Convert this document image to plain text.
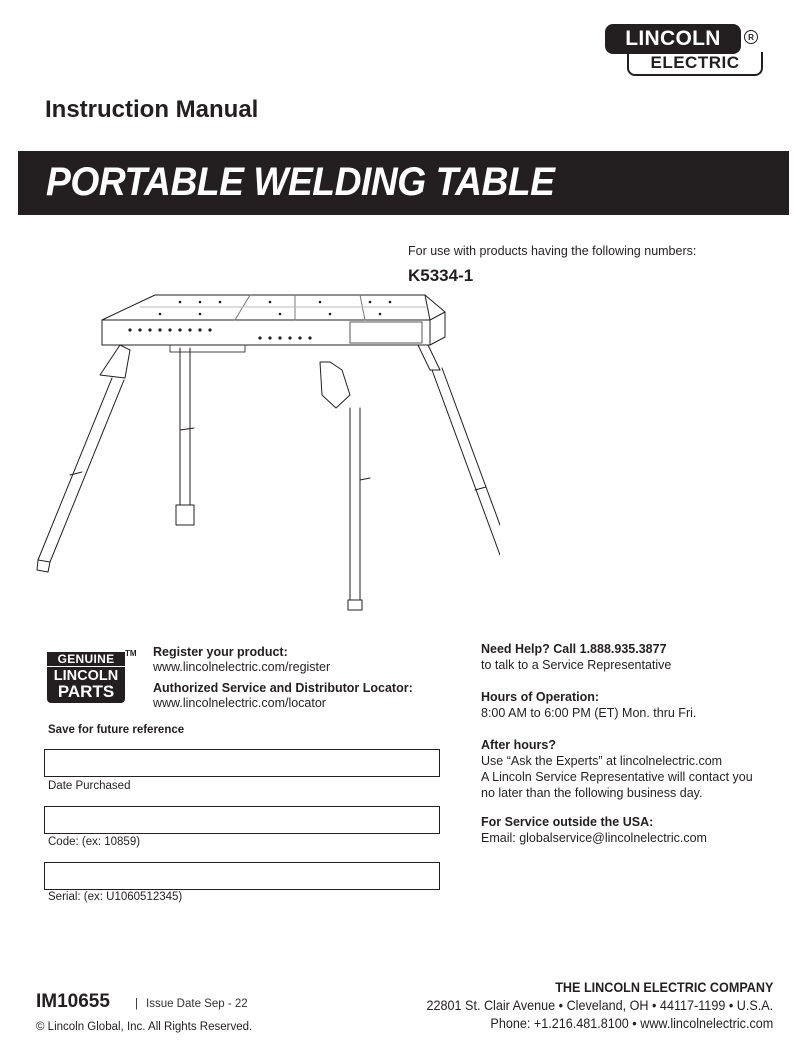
LINCOLN	R
ELECTRIC
Instruction Manual
PORTABLE WELDING TABLE
For use with products having the following numbers:
K5334-1
GENUINE	TM
LINCOLN
PARTS
Register your product:
www.lincolnelectric.com/register
Authorized Service and Distributor Locator:
www.lincolnelectric.com/locator
Save for future reference
Date Purchased
Code: (ex: 10859)
Serial: (ex: U1060512345)
Need Help? Call 1.888.935.3877
to talk to a Service Representative
Hours of Operation:
8:00 AM to 6:00 PM (ET) Mon. thru Fri.
After hours?
Use “Ask the Experts” at lincolnelectric.com
A Lincoln Service Representative will contact you
no later than the following business day.
For Service outside the USA:
Email: globalservice@lincolnelectric.com
IM10655 | Issue Date Sep - 22
© Lincoln Global, Inc. All Rights Reserved.
THE LINCOLN ELECTRIC COMPANY
22801 St. Clair Avenue • Cleveland, OH • 44117-1199 • U.S.A.
Phone: +1.216.481.8100 • www.lincolnelectric.com
